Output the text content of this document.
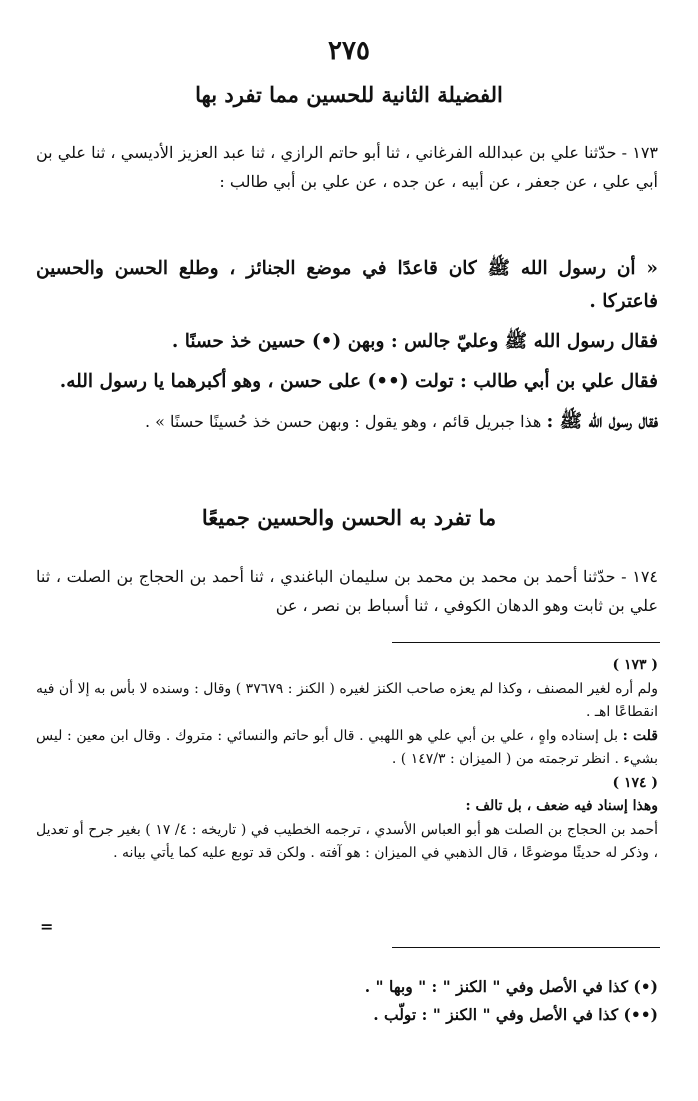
٢٧٥
الفضيلة الثانية للحسين مما تفرد بها

١٧٣ - حدّثنا علي بن عبدالله الفرغاني ، ثنا أبو حاتم الرازي ، ثنا عبد العزيز الأديسي ، ثنا علي بن أبي علي ، عن جعفر ، عن أبيه ، عن جده ، عن علي بن أبي طالب :

« أن رسول الله ﷺ كان قاعدًا في موضع الجنائز ، وطلع الحسن والحسين فاعتركا .

فقال رسول الله ﷺ وعليّ جالس : وبهن (•) حسين خذ حسنًا .

فقال علي بن أبي طالب : تولت (••) على حسن ، وهو أكبرهما يا رسول الله.

فقال رسول الله ﷺ : هذا جبريل قائم ، وهو يقول : وبهن حسن خذ حُسينًا حسنًا » .

ما تفرد به الحسن والحسين جميعًا

١٧٤ - حدّثنا أحمد بن محمد بن محمد بن سليمان الباغندي ، ثنا أحمد بن الحجاج بن الصلت ، ثنا علي بن ثابت وهو الدهان الكوفي ، ثنا أسباط بن نصر ، عن

( ١٧٣ )

ولم أره لغير المصنف ، وكذا لم يعزه صاحب الكنز لغيره ( الكنز : ٣٧٦٧٩ ) وقال : وسنده لا بأس به إلا أن فيه انقطاعًا اهـ .

قلت : بل إسناده واهٍ ، علي بن أبي علي هو اللهبي . قال أبو حاتم والنسائي : متروك . وقال ابن معين : ليس بشيء . انظر ترجمته من ( الميزان : ١٤٧/٣ ) .

( ١٧٤ )

وهذا إسناد فيه ضعف ، بل تالف :

أحمد بن الحجاج بن الصلت هو أبو العباس الأسدي ، ترجمه الخطيب في ( تاريخه : ٤/ ١٧ ) بغير جرح أو تعديل ، وذكر له حديثًا موضوعًا ، قال الذهبي في الميزان : هو آفته . ولكن قد توبع عليه كما يأتي بيانه .

=

(•) كذا في الأصل وفي " الكنز " : " وبها " .

(••) كذا في الأصل وفي " الكنز " : تولّب .
